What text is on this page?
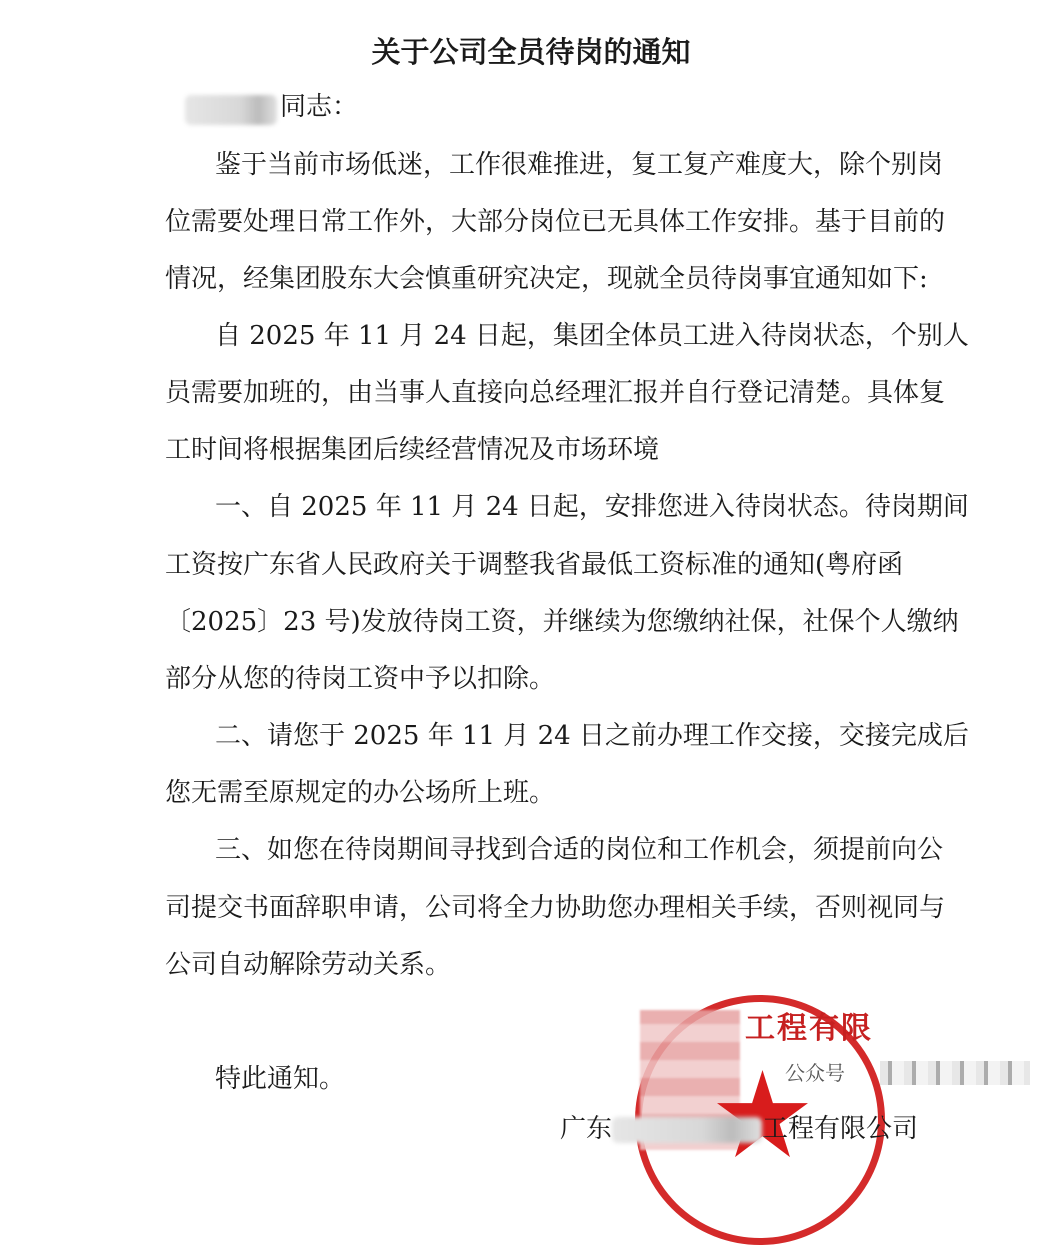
关于公司全员待岗的通知
同志：
鉴于当前市场低迷，工作很难推进，复工复产难度大，除个别岗
位需要处理日常工作外，大部分岗位已无具体工作安排。基于目前的
情况，经集团股东大会慎重研究决定，现就全员待岗事宜通知如下:
自 2025 年 11 月 24 日起，集团全体员工进入待岗状态，个别人
员需要加班的，由当事人直接向总经理汇报并自行登记清楚。具体复
工时间将根据集团后续经营情况及市场环境
一、自 2025 年 11 月 24 日起，安排您进入待岗状态。待岗期间
工资按广东省人民政府关于调整我省最低工资标准的通知(粤府函
〔2025〕23 号)发放待岗工资，并继续为您缴纳社保，社保个人缴纳
部分从您的待岗工资中予以扣除。
二、请您于 2025 年 11 月 24 日之前办理工作交接，交接完成后
您无需至原规定的办公场所上班。
三、如您在待岗期间寻找到合适的岗位和工作机会，须提前向公
司提交书面辞职申请，公司将全力协助您办理相关手续，否则视同与
公司自动解除劳动关系。
特此通知。
工程有限
广东	工程有限公司
公众号
